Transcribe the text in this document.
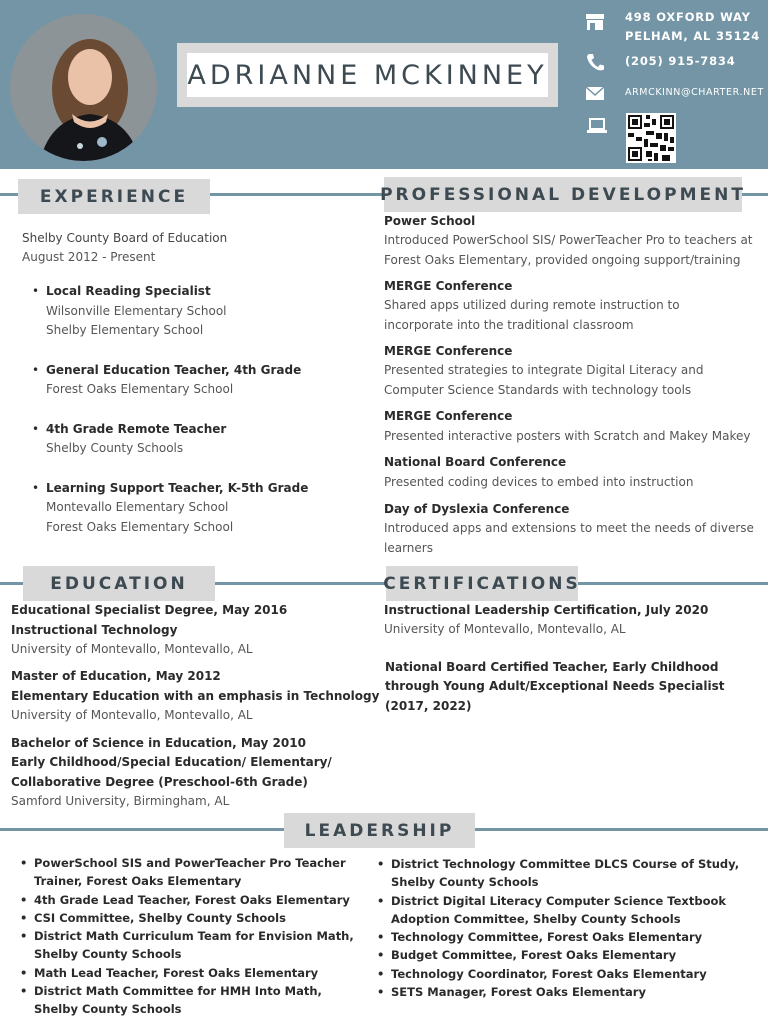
ADRIANNE MCKINNEY
498 OXFORD WAY
PELHAM, AL 35124
(205) 915-7834
ARMCKINN@CHARTER.NET
EXPERIENCE	PROFESSIONAL DEVELOPMENT
Shelby County Board of Education
August 2012 - Present
• Local Reading Specialist
Wilsonville Elementary School
Shelby Elementary School
• General Education Teacher, 4th Grade
Forest Oaks Elementary School
• 4th Grade Remote Teacher
Shelby County Schools
• Learning Support Teacher, K-5th Grade
Montevallo Elementary School
Forest Oaks Elementary School
Power School
Introduced PowerSchool SIS/ PowerTeacher Pro to teachers at
Forest Oaks Elementary, provided ongoing support/training
MERGE Conference
Shared apps utilized during remote instruction to
incorporate into the traditional classroom
MERGE Conference
Presented strategies to integrate Digital Literacy and
Computer Science Standards with technology tools
MERGE Conference
Presented interactive posters with Scratch and Makey Makey
National Board Conference
Presented coding devices to embed into instruction
Day of Dyslexia Conference
Introduced apps and extensions to meet the needs of diverse
learners
EDUCATION	CERTIFICATIONS
Educational Specialist Degree, May 2016
Instructional Technology
University of Montevallo, Montevallo, AL
Master of Education, May 2012
Elementary Education with an emphasis in Technology
University of Montevallo, Montevallo, AL
Bachelor of Science in Education, May 2010
Early Childhood/Special Education/ Elementary/
Collaborative Degree (Preschool-6th Grade)
Samford University, Birmingham, AL
Instructional Leadership Certification, July 2020
University of Montevallo, Montevallo, AL
National Board Certified Teacher, Early Childhood
through Young Adult/Exceptional Needs Specialist
(2017, 2022)
LEADERSHIP
• PowerSchool SIS and PowerTeacher Pro Teacher Trainer, Forest Oaks Elementary
• 4th Grade Lead Teacher, Forest Oaks Elementary
• CSI Committee, Shelby County Schools
• District Math Curriculum Team for Envision Math, Shelby County Schools
• Math Lead Teacher, Forest Oaks Elementary
• District Math Committee for HMH Into Math, Shelby County Schools
• District Technology Committee DLCS Course of Study, Shelby County Schools
• District Digital Literacy Computer Science Textbook Adoption Committee, Shelby County Schools
• Technology Committee, Forest Oaks Elementary
• Budget Committee, Forest Oaks Elementary
• Technology Coordinator, Forest Oaks Elementary
• SETS Manager, Forest Oaks Elementary
